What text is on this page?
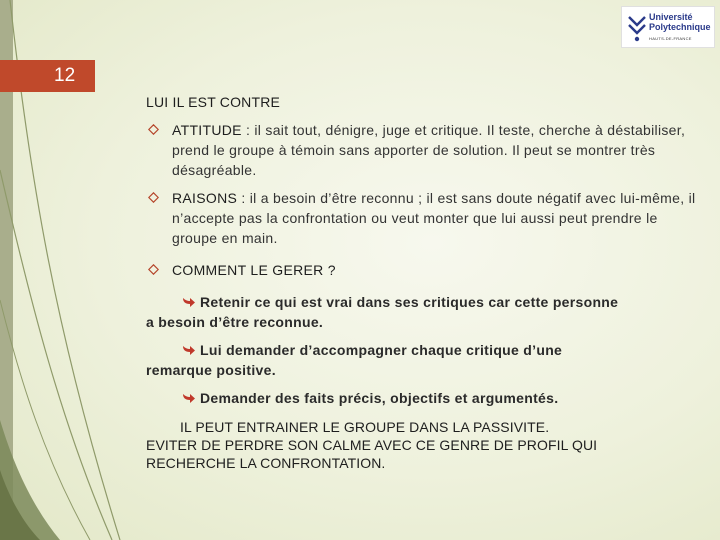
12
Université
Polytechnique
HAUTS-DE-FRANCE
LUI IL EST CONTRE
ATTITUDE : il sait tout, dénigre, juge et critique. Il teste, cherche à déstabiliser, prend le groupe à témoin sans apporter de solution. Il peut se montrer très désagréable.
RAISONS : il a besoin d’être reconnu ; il est sans doute négatif avec lui-même, il n’accepte pas la confrontation ou veut monter que lui aussi peut prendre le groupe en main.
COMMENT LE GERER ?
Retenir ce qui est vrai dans ses critiques car cette personne
a besoin d’être reconnue.
Lui demander d’accompagner chaque critique d’une
remarque positive.
Demander des faits précis, objectifs et argumentés.
IL PEUT ENTRAINER LE GROUPE DANS LA PASSIVITE.
EVITER DE PERDRE SON CALME AVEC CE GENRE DE PROFIL QUI
RECHERCHE LA CONFRONTATION.
